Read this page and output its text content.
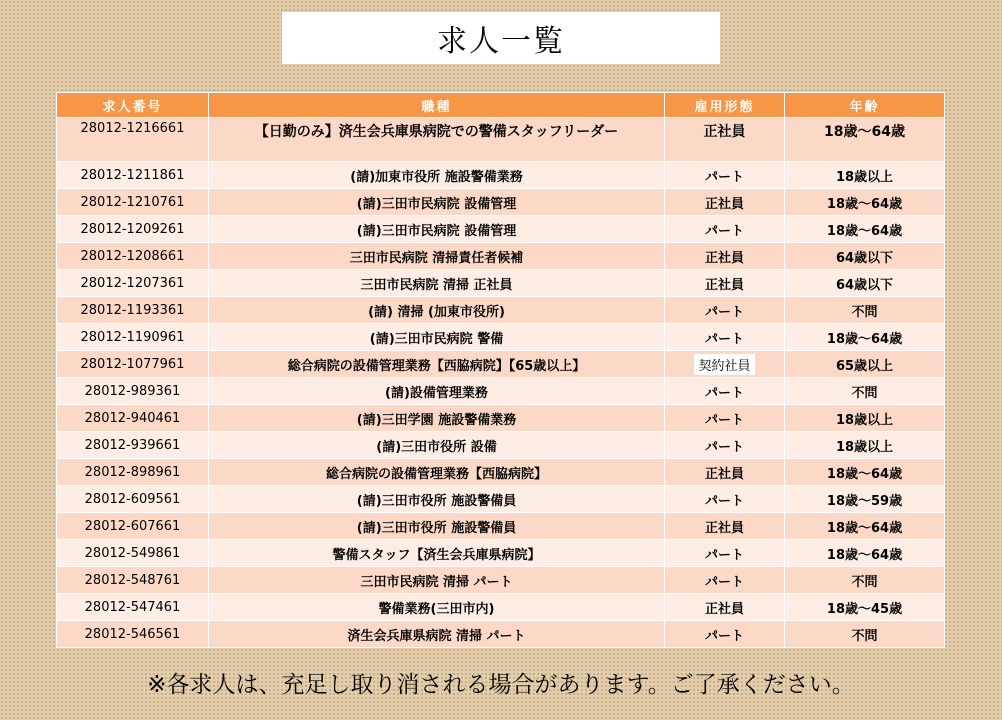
求人一覧
求人番号	職種	雇用形態	年齢
28012-1216661	【日勤のみ】済生会兵庫県病院での警備スタッフリーダー	正社員	18歳～64歳
28012-1211861	(請)加東市役所 施設警備業務	パート	18歳以上
28012-1210761	(請)三田市民病院 設備管理	正社員	18歳～64歳
28012-1209261	(請)三田市民病院 設備管理	パート	18歳～64歳
28012-1208661	三田市民病院 清掃責任者候補	正社員	64歳以下
28012-1207361	三田市民病院 清掃 正社員	正社員	64歳以下
28012-1193361	(請) 清掃 (加東市役所)	パート	不問
28012-1190961	(請)三田市民病院 警備	パート	18歳～64歳
28012-1077961	総合病院の設備管理業務【西脇病院】【65歳以上】	契約社員	65歳以上
28012-989361	(請)設備管理業務	パート	不問
28012-940461	(請)三田学園 施設警備業務	パート	18歳以上
28012-939661	(請)三田市役所 設備	パート	18歳以上
28012-898961	総合病院の設備管理業務【西脇病院】	正社員	18歳～64歳
28012-609561	(請)三田市役所 施設警備員	パート	18歳～59歳
28012-607661	(請)三田市役所 施設警備員	正社員	18歳～64歳
28012-549861	警備スタッフ【済生会兵庫県病院】	パート	18歳～64歳
28012-548761	三田市民病院 清掃 パート	パート	不問
28012-547461	警備業務(三田市内)	正社員	18歳～45歳
28012-546561	済生会兵庫県病院 清掃 パート	パート	不問
※各求人は、充足し取り消される場合があります。ご了承ください。
